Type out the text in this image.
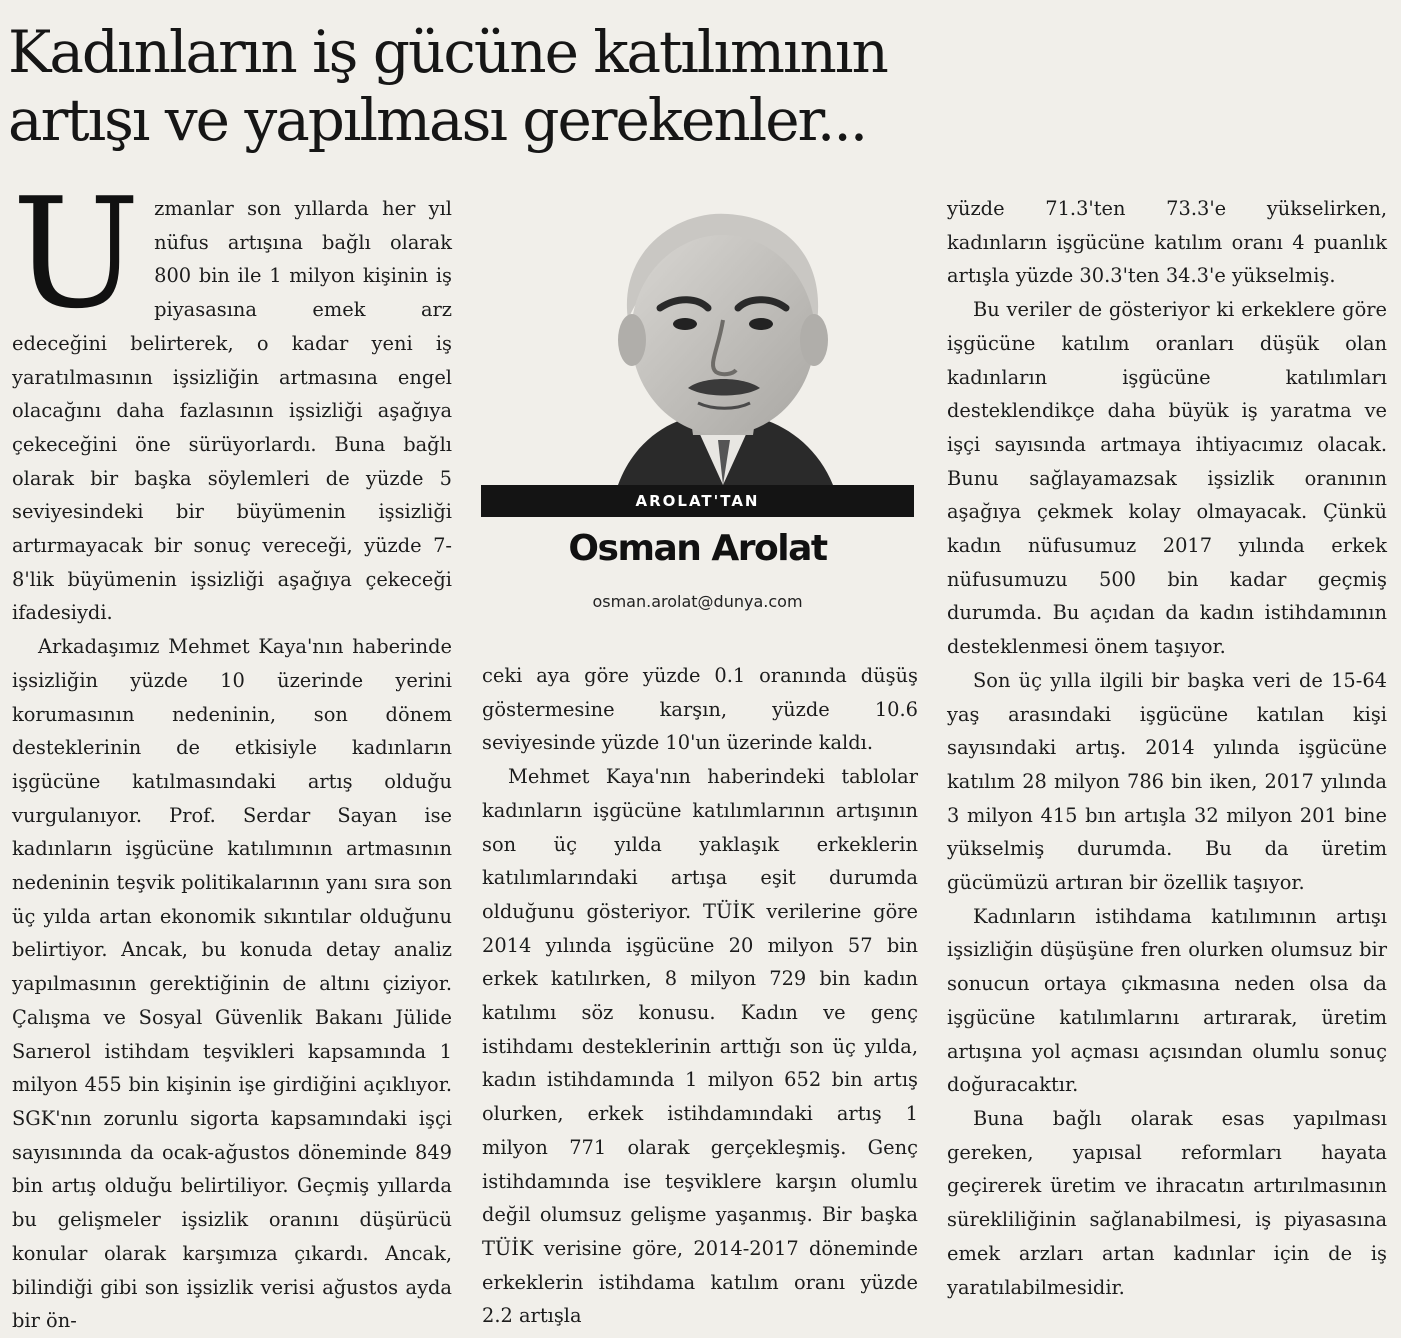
Kadınların iş gücüne katılımının
artışı ve yapılması gerekenler...

Uzmanlar son yıllarda her yıl nüfus artışına bağlı olarak 800 bin ile 1 milyon kişinin iş piyasasına emek arz edeceğini belirterek, o kadar yeni iş yaratılmasının işsizliğin artmasına engel olacağını daha fazlasının işsizliği aşağıya çekeceğini öne sürüyorlardı. Buna bağlı olarak bir başka söylemleri de yüzde 5 seviyesindeki bir büyümenin işsizliği artırmayacak bir sonuç vereceği, yüzde 7-8'lik büyümenin işsizliği aşağıya çekeceği ifadesiydi.

Arkadaşımız Mehmet Kaya'nın haberinde işsizliğin yüzde 10 üzerinde yerini korumasının nedeninin, son dönem desteklerinin de etkisiyle kadınların işgücüne katılmasındaki artış olduğu vurgulanıyor. Prof. Serdar Sayan ise kadınların işgücüne katılımının artmasının nedeninin teşvik politikalarının yanı sıra son üç yılda artan ekonomik sıkıntılar olduğunu belirtiyor. Ancak, bu konuda detay analiz yapılmasının gerektiğinin de altını çiziyor. Çalışma ve Sosyal Güvenlik Bakanı Jülide Sarıerol istihdam teşvikleri kapsamında 1 milyon 455 bin kişinin işe girdiğini açıklıyor. SGK'nın zorunlu sigorta kapsamındaki işçi sayısınında da ocak-ağustos döneminde 849 bin artış olduğu belirtiliyor. Geçmiş yıllarda bu gelişmeler işsizlik oranını düşürücü konular olarak karşımıza çıkardı. Ancak, bilindiği gibi son işsizlik verisi ağustos ayda bir ön-

AROLAT'TAN
Osman Arolat
osman.arolat@dunya.com

ceki aya göre yüzde 0.1 oranında düşüş göstermesine karşın, yüzde 10.6 seviyesinde yüzde 10'un üzerinde kaldı.

Mehmet Kaya'nın haberindeki tablolar kadınların işgücüne katılımlarının artışının son üç yılda yaklaşık erkeklerin katılımlarındaki artışa eşit durumda olduğunu gösteriyor. TÜİK verilerine göre 2014 yılında işgücüne 20 milyon 57 bin erkek katılırken, 8 milyon 729 bin kadın katılımı söz konusu. Kadın ve genç istihdamı desteklerinin arttığı son üç yılda, kadın istihdamında 1 milyon 652 bin artış olurken, erkek istihdamındaki artış 1 milyon 771 olarak gerçekleşmiş. Genç istihdamında ise teşviklere karşın olumlu değil olumsuz gelişme yaşanmış. Bir başka TÜİK verisine göre, 2014-2017 döneminde erkeklerin istihdama katılım oranı yüzde 2.2 artışla

yüzde 71.3'ten 73.3'e yükselirken, kadınların işgücüne katılım oranı 4 puanlık artışla yüzde 30.3'ten 34.3'e yükselmiş.

Bu veriler de gösteriyor ki erkeklere göre işgücüne katılım oranları düşük olan kadınların işgücüne katılımları desteklendikçe daha büyük iş yaratma ve işçi sayısında artmaya ihtiyacımız olacak. Bunu sağlayamazsak işsizlik oranının aşağıya çekmek kolay olmayacak. Çünkü kadın nüfusumuz 2017 yılında erkek nüfusumuzu 500 bin kadar geçmiş durumda. Bu açıdan da kadın istihdamının desteklenmesi önem taşıyor.

Son üç yılla ilgili bir başka veri de 15-64 yaş arasındaki işgücüne katılan kişi sayısındaki artış. 2014 yılında işgücüne katılım 28 milyon 786 bin iken, 2017 yılında 3 milyon 415 bın artışla 32 milyon 201 bine yükselmiş durumda. Bu da üretim gücümüzü artıran bir özellik taşıyor.

Kadınların istihdama katılımının artışı işsizliğin düşüşüne fren olurken olumsuz bir sonucun ortaya çıkmasına neden olsa da işgücüne katılımlarını artırarak, üretim artışına yol açması açısından olumlu sonuç doğuracaktır.

Buna bağlı olarak esas yapılması gereken, yapısal reformları hayata geçirerek üretim ve ihracatın artırılmasının sürekliliğinin sağlanabilmesi, iş piyasasına emek arzları artan kadınlar için de iş yaratılabilmesidir.
